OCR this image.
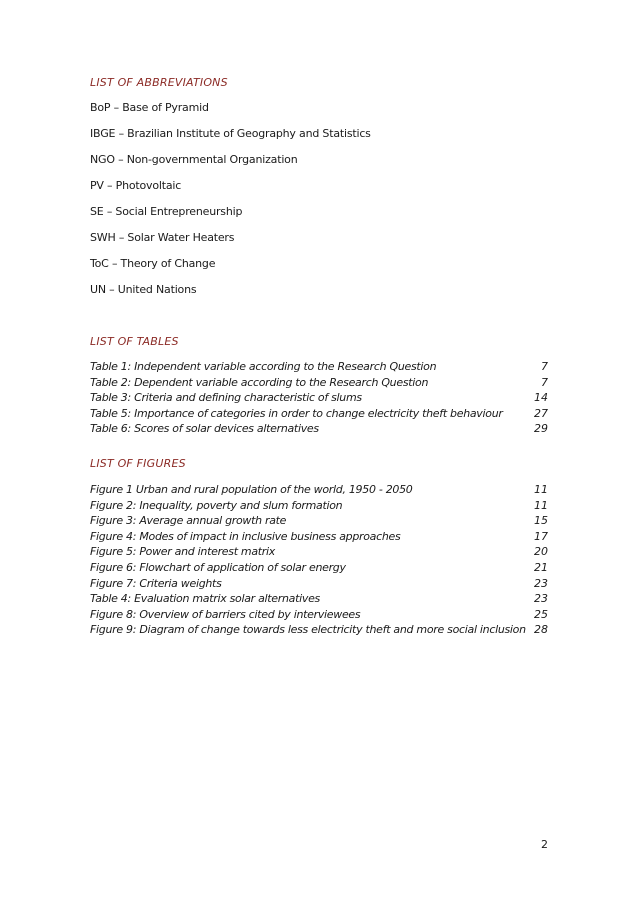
LIST OF ABBREVIATIONS
BoP – Base of Pyramid
IBGE – Brazilian Institute of Geography and Statistics
NGO – Non-governmental Organization
PV – Photovoltaic
SE – Social Entrepreneurship
SWH – Solar Water Heaters
ToC – Theory of Change
UN – United Nations
LIST OF TABLES
Table 1: Independent variable according to the Research Question	7
Table 2: Dependent variable according to the Research Question	7
Table 3: Criteria and defining characteristic of slums	14
Table 5: Importance of categories in order to change electricity theft behaviour	27
Table 6: Scores of solar devices alternatives	29
LIST OF FIGURES
Figure 1 Urban and rural population of the world, 1950 - 2050	11
Figure 2: Inequality, poverty and slum formation	11
Figure 3: Average annual growth rate	15
Figure 4: Modes of impact in inclusive business approaches	17
Figure 5: Power and interest matrix	20
Figure 6: Flowchart of application of solar energy	21
Figure 7: Criteria weights	23
Table 4: Evaluation matrix solar alternatives	23
Figure 8: Overview of barriers cited by interviewees	25
Figure 9: Diagram of change towards less electricity theft and more social inclusion 28
2
